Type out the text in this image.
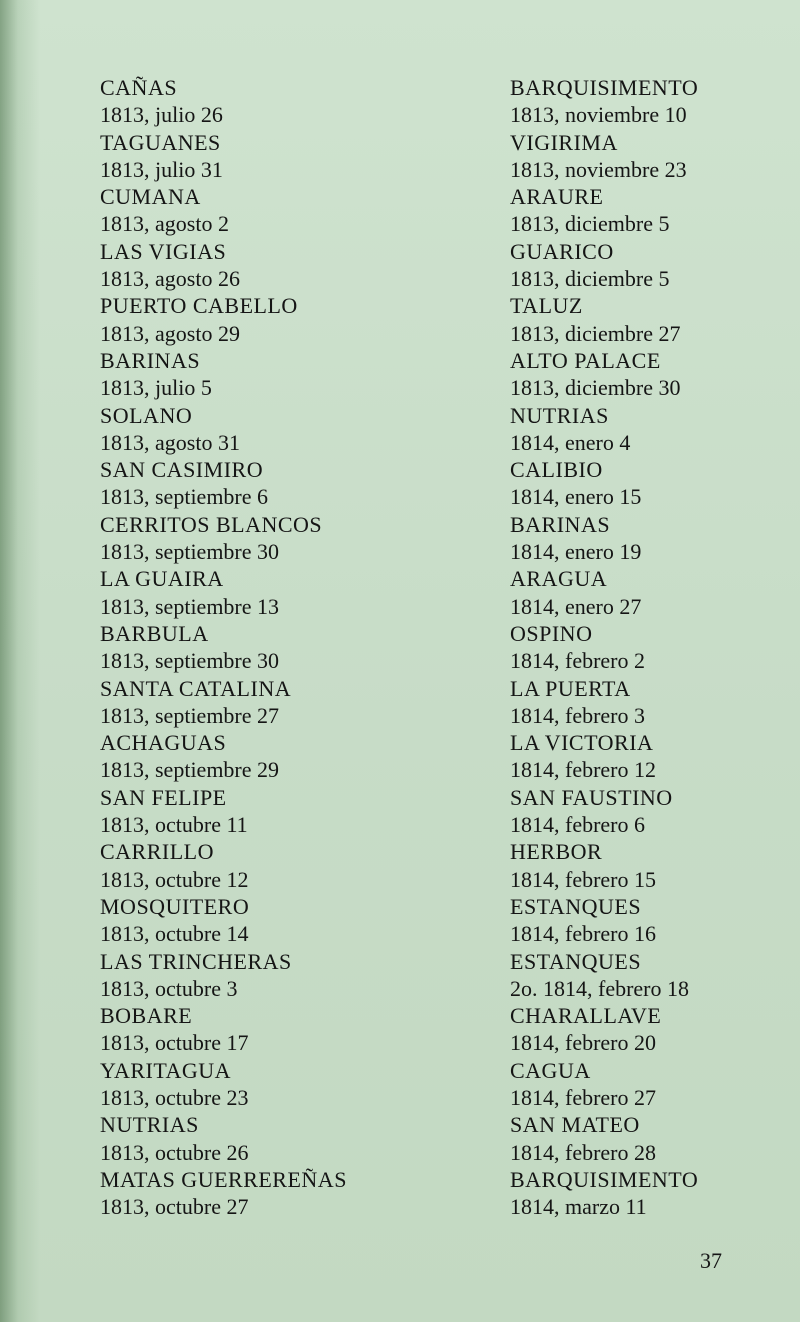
CAÑAS
1813, julio 26
TAGUANES
1813, julio 31
CUMANA
1813, agosto 2
LAS VIGIAS
1813, agosto 26
PUERTO CABELLO
1813, agosto 29
BARINAS
1813, julio 5
SOLANO
1813, agosto 31
SAN CASIMIRO
1813, septiembre 6
CERRITOS BLANCOS
1813, septiembre 30
LA GUAIRA
1813, septiembre 13
BARBULA
1813, septiembre 30
SANTA CATALINA
1813, septiembre 27
ACHAGUAS
1813, septiembre 29
SAN FELIPE
1813, octubre 11
CARRILLO
1813, octubre 12
MOSQUITERO
1813, octubre 14
LAS TRINCHERAS
1813, octubre 3
BOBARE
1813, octubre 17
YARITAGUA
1813, octubre 23
NUTRIAS
1813, octubre 26
MATAS GUERREREÑAS
1813, octubre 27
BARQUISIMENTO
1813, noviembre 10
VIGIRIMA
1813, noviembre 23
ARAURE
1813, diciembre 5
GUARICO
1813, diciembre 5
TALUZ
1813, diciembre 27
ALTO PALACE
1813, diciembre 30
NUTRIAS
1814, enero 4
CALIBIO
1814, enero 15
BARINAS
1814, enero 19
ARAGUA
1814, enero 27
OSPINO
1814, febrero 2
LA PUERTA
1814, febrero 3
LA VICTORIA
1814, febrero 12
SAN FAUSTINO
1814, febrero 6
HERBOR
1814, febrero 15
ESTANQUES
1814, febrero 16
ESTANQUES
2o. 1814, febrero 18
CHARALLAVE
1814, febrero 20
CAGUA
1814, febrero 27
SAN MATEO
1814, febrero 28
BARQUISIMENTO
1814, marzo 11
37
